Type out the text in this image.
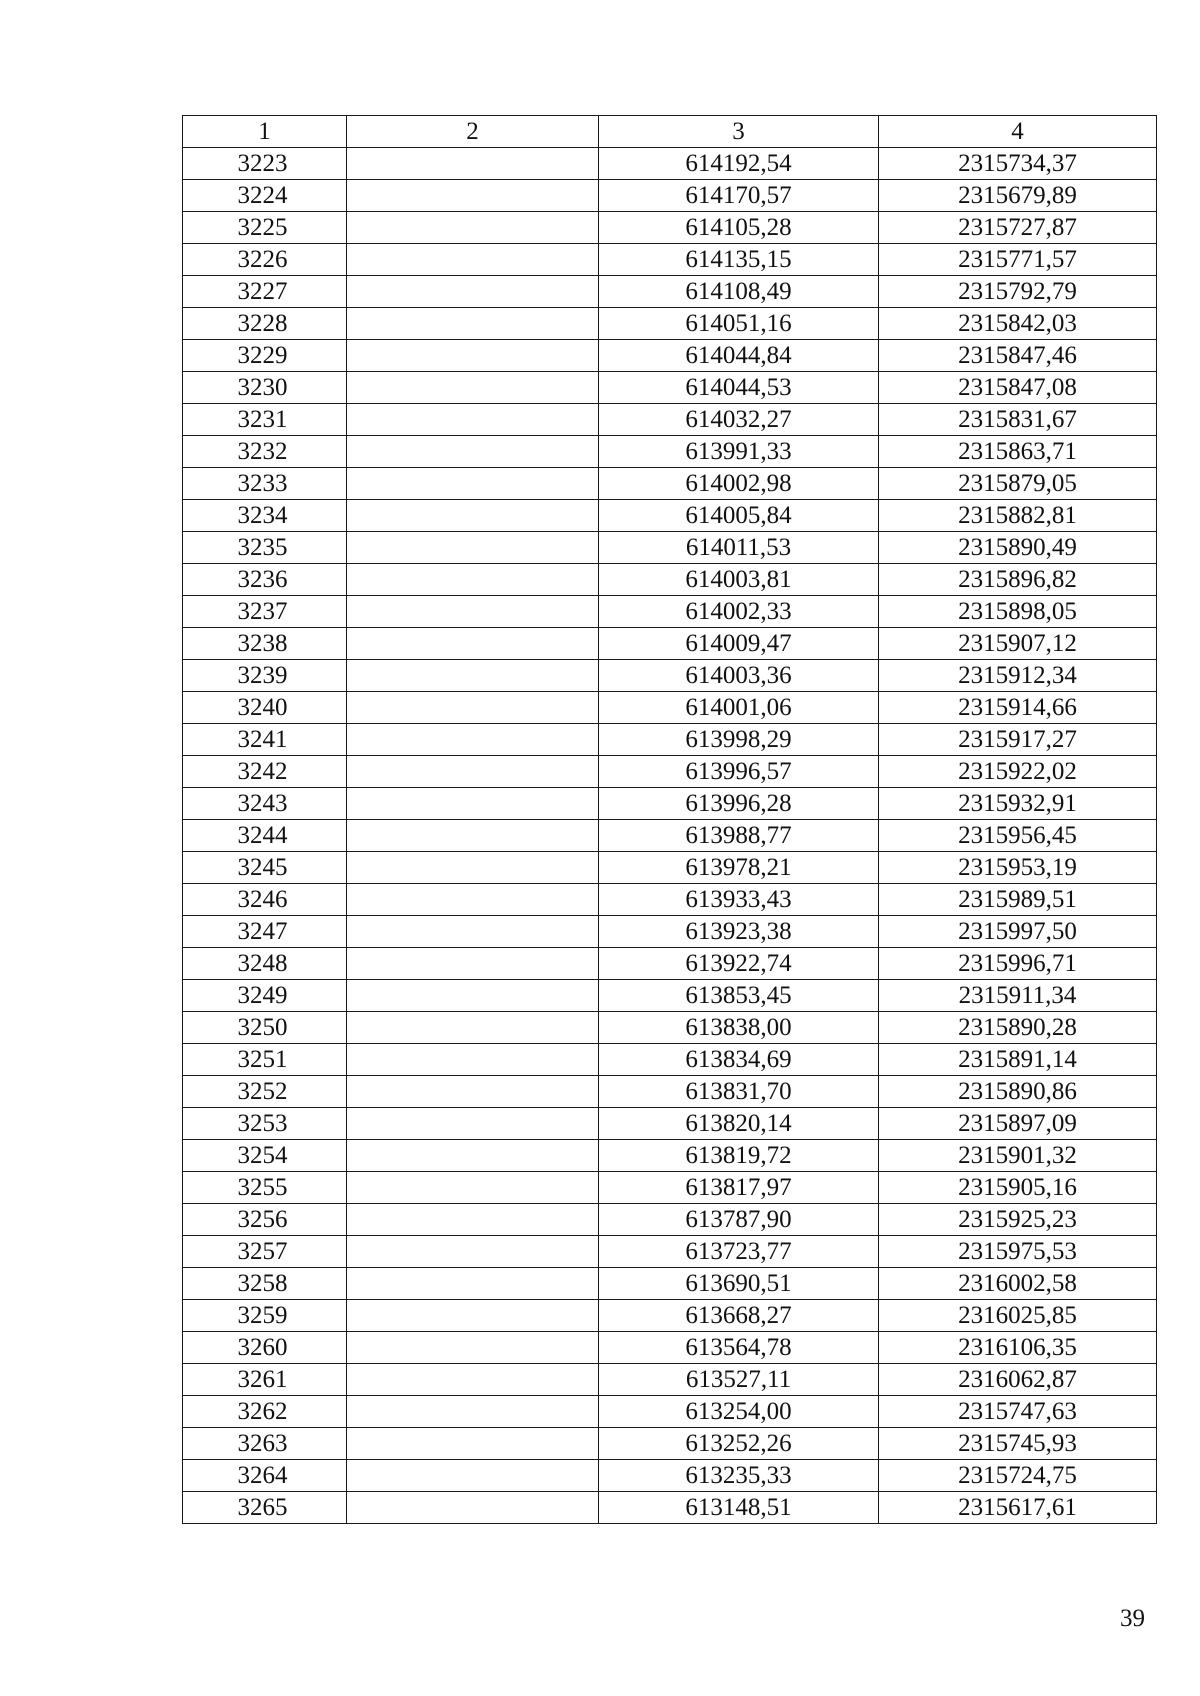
1	2	3	4
3223		614192,54	2315734,37
3224		614170,57	2315679,89
3225		614105,28	2315727,87
3226		614135,15	2315771,57
3227		614108,49	2315792,79
3228		614051,16	2315842,03
3229		614044,84	2315847,46
3230		614044,53	2315847,08
3231		614032,27	2315831,67
3232		613991,33	2315863,71
3233		614002,98	2315879,05
3234		614005,84	2315882,81
3235		614011,53	2315890,49
3236		614003,81	2315896,82
3237		614002,33	2315898,05
3238		614009,47	2315907,12
3239		614003,36	2315912,34
3240		614001,06	2315914,66
3241		613998,29	2315917,27
3242		613996,57	2315922,02
3243		613996,28	2315932,91
3244		613988,77	2315956,45
3245		613978,21	2315953,19
3246		613933,43	2315989,51
3247		613923,38	2315997,50
3248		613922,74	2315996,71
3249		613853,45	2315911,34
3250		613838,00	2315890,28
3251		613834,69	2315891,14
3252		613831,70	2315890,86
3253		613820,14	2315897,09
3254		613819,72	2315901,32
3255		613817,97	2315905,16
3256		613787,90	2315925,23
3257		613723,77	2315975,53
3258		613690,51	2316002,58
3259		613668,27	2316025,85
3260		613564,78	2316106,35
3261		613527,11	2316062,87
3262		613254,00	2315747,63
3263		613252,26	2315745,93
3264		613235,33	2315724,75
3265		613148,51	2315617,61
39
